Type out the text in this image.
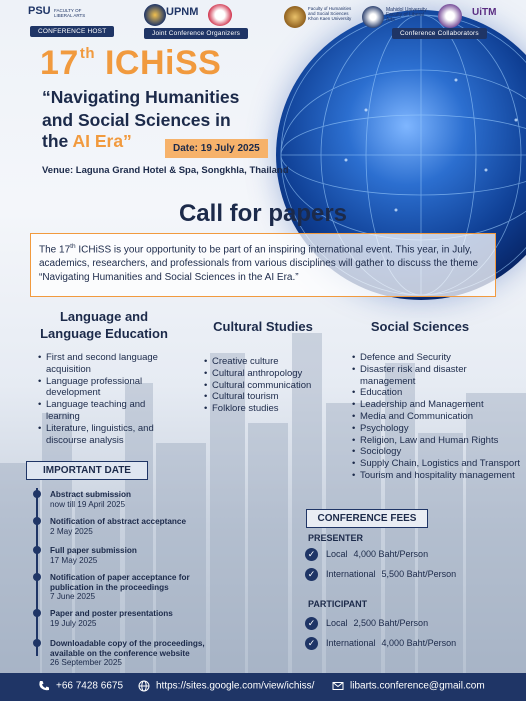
PSU FACULTY OF LIBERAL ARTS
CONFERENCE HOST
UPNM
Joint Conference Organizers
Faculty of Humanities and Social Sciences Khon Kaen University
Mahidol University Faculty of Liberal Arts
UiTM
Conference Collaborators
17th ICHiSS
“Navigating Humanities
and Social Sciences in
the AI Era”	Date: 19 July 2025
Venue: Laguna Grand Hotel & Spa, Songkhla, Thailand
Call for papers
The 17th ICHiSS is your opportunity to be part of an inspiring international event. This year, in July, academics, researchers, and professionals from various disciplines will gather to discuss the theme “Navigating Humanities and Social Sciences in the AI Era.”
Language and
Language Education
• First and second language acquisition
• Language professional development
• Language teaching and learning
• Literature, linguistics, and discourse analysis
Cultural Studies
• Creative culture
• Cultural anthropology
• Cultural communication
• Cultural tourism
• Folklore studies
Social Sciences
• Defence and Security
• Disaster risk and disaster management
• Education
• Leadership and Management
• Media and Communication
• Psychology
• Religion, Law and Human Rights
• Sociology
• Supply Chain, Logistics and Transport
• Tourism and hospitality management
IMPORTANT DATE
Abstract submission
now till 19 April 2025
Notification of abstract acceptance
2 May 2025
Full paper submission
17 May 2025
Notification of paper acceptance for publication in the proceedings
7 June 2025
Paper and poster presentations
19 July 2025
Downloadable copy of the proceedings, available on the conference website
26 September 2025
CONFERENCE FEES
PRESENTER
✓ Local 4,000 Baht/Person
✓ International 5,500 Baht/Person
PARTICIPANT
✓ Local 2,500 Baht/Person
✓ International 4,000 Baht/Person
+66 7428 6675	https://sites.google.com/view/ichiss/	libarts.conference@gmail.com
